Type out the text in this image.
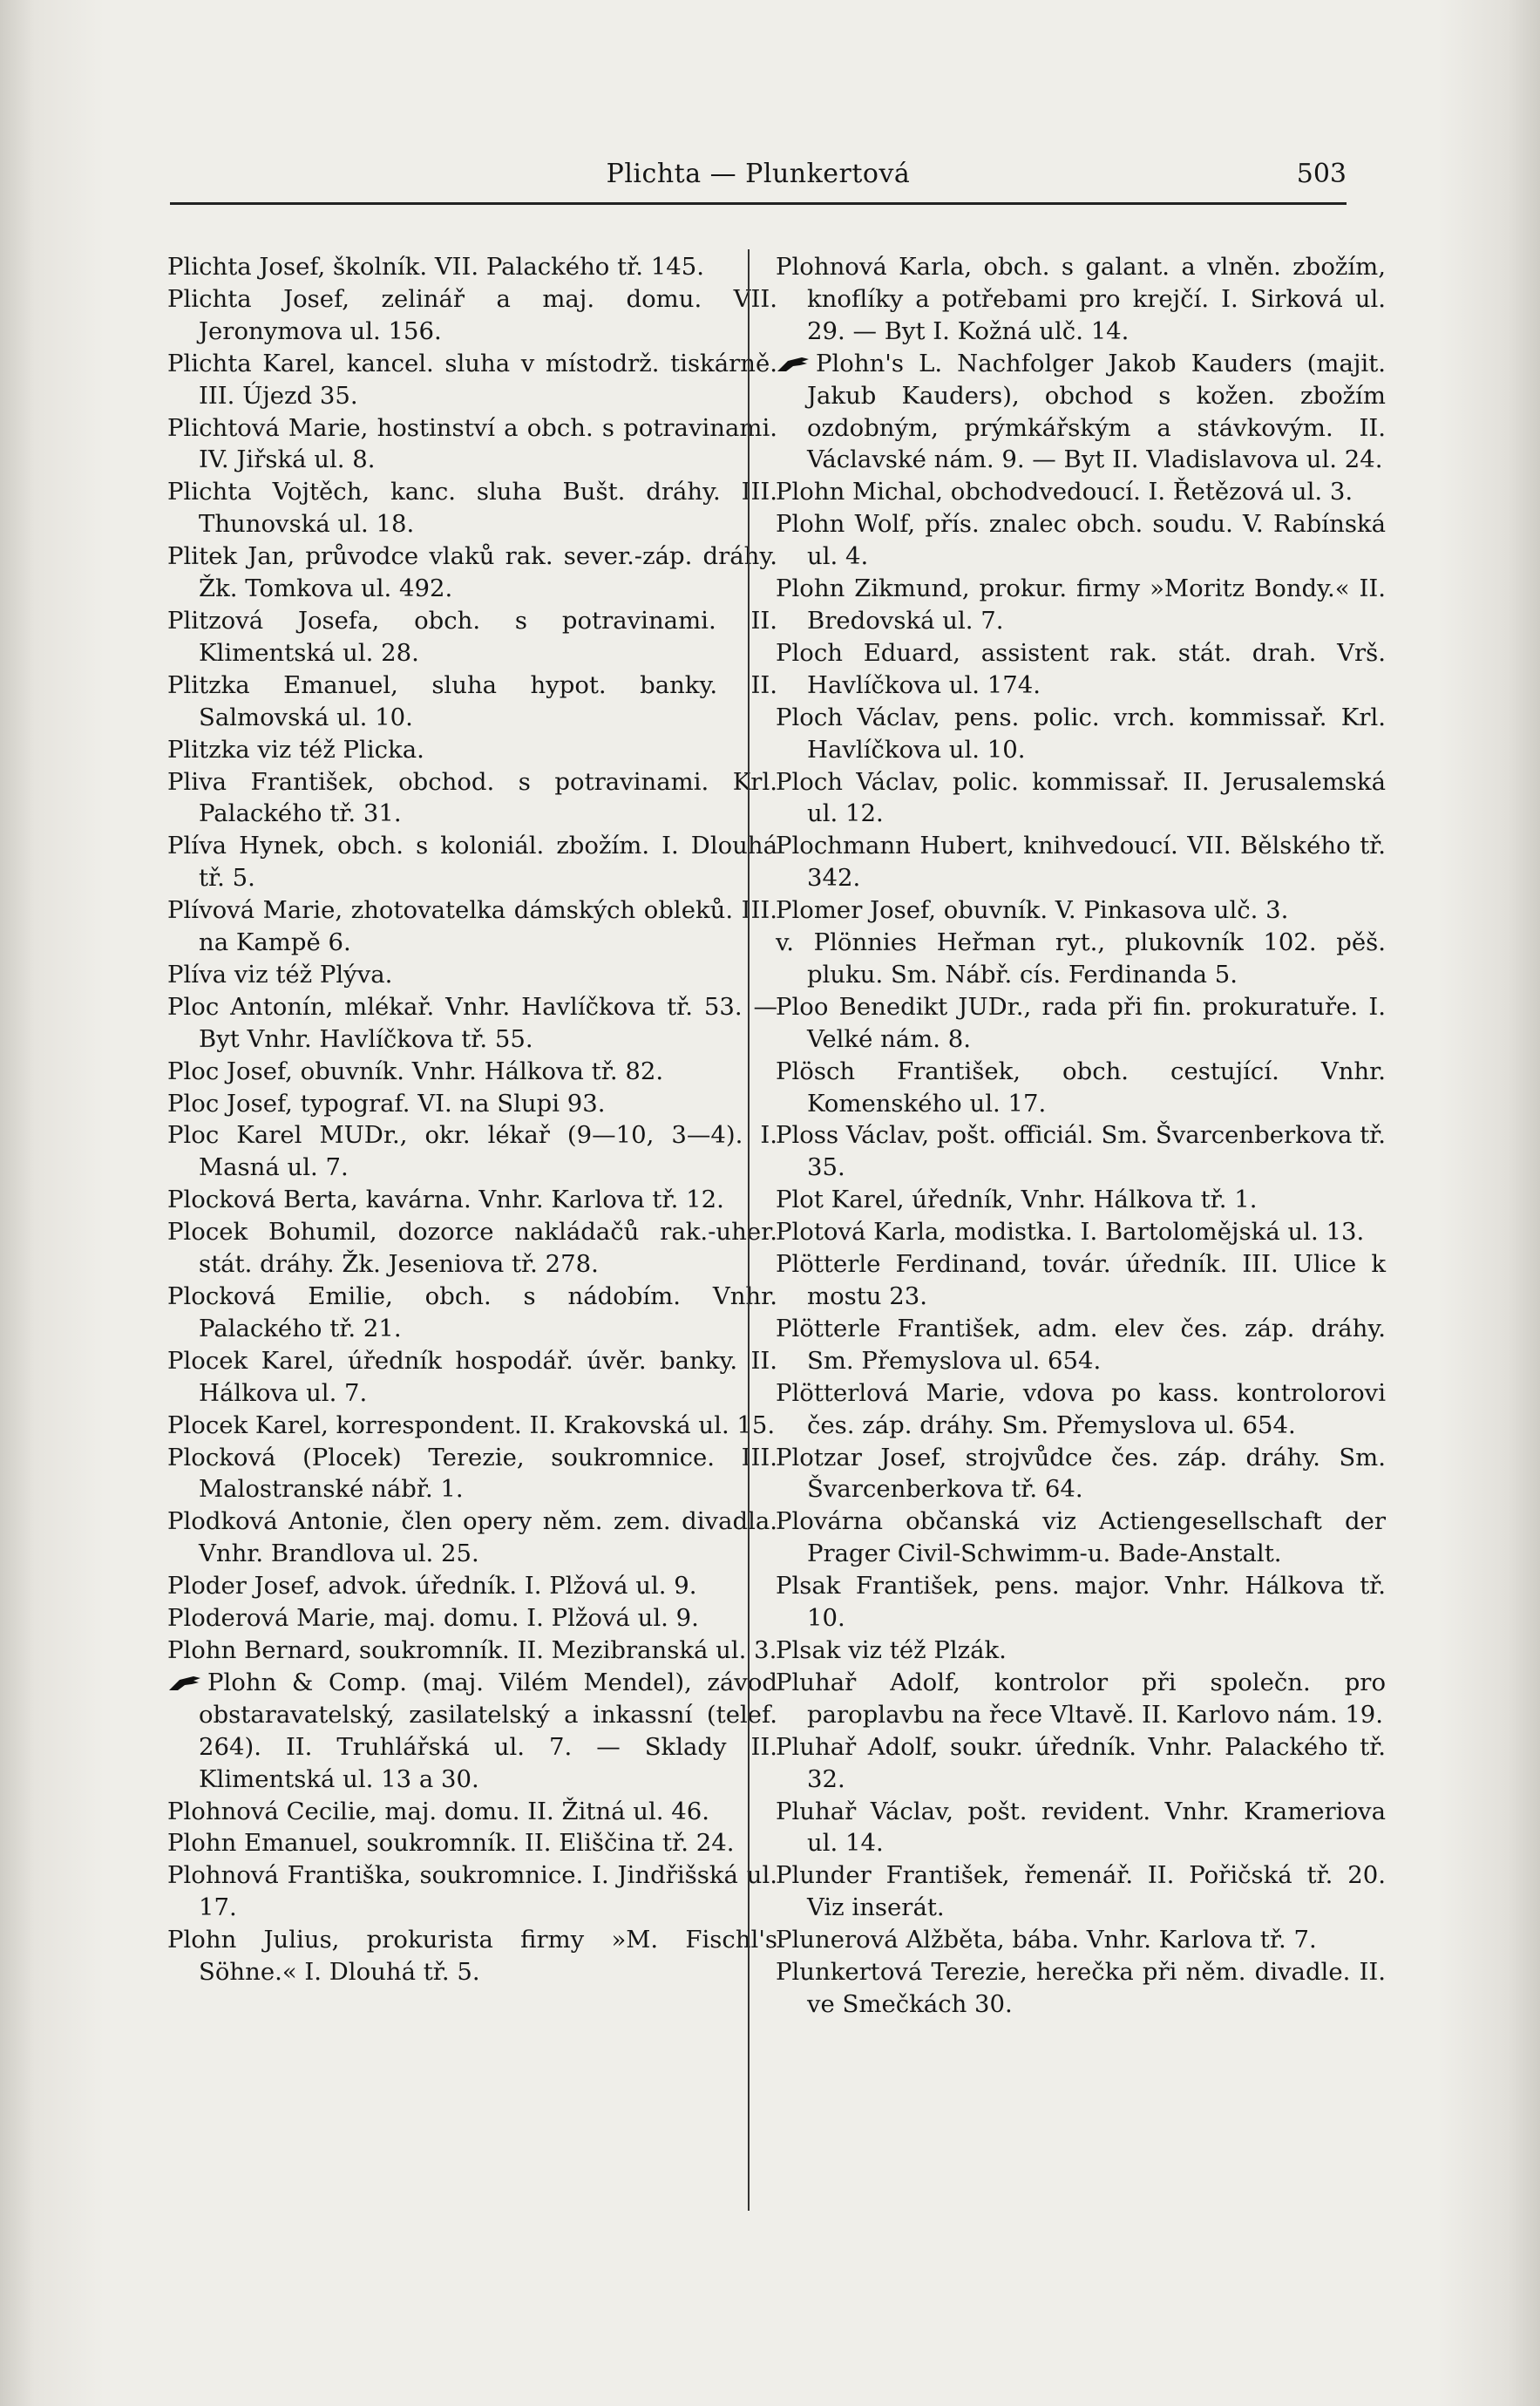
Plichta — Plunkertová	503

Plichta Josef, školník. VII. Palackého tř. 145.

Plichta Josef, zelinář a maj. domu. VII. Jeronymova ul. 156.

Plichta Karel, kancel. sluha v místodrž. tiskárně. III. Újezd 35.

Plichtová Marie, hostinství a obch. s potravinami. IV. Jiřská ul. 8.

Plichta Vojtěch, kanc. sluha Bušt. dráhy. III. Thunovská ul. 18.

Plitek Jan, průvodce vlaků rak. sever.-záp. dráhy. Žk. Tomkova ul. 492.

Plitzová Josefa, obch. s potravinami. II. Klimentská ul. 28.

Plitzka Emanuel, sluha hypot. banky. II. Salmovská ul. 10.

Plitzka viz též Plicka.

Pliva František, obchod. s potravinami. Krl. Palackého tř. 31.

Plíva Hynek, obch. s koloniál. zbožím. I. Dlouhá tř. 5.

Plívová Marie, zhotovatelka dámských obleků. III. na Kampě 6.

Plíva viz též Plýva.

Ploc Antonín, mlékař. Vnhr. Havlíčkova tř. 53. — Byt Vnhr. Havlíčkova tř. 55.

Ploc Josef, obuvník. Vnhr. Hálkova tř. 82.

Ploc Josef, typograf. VI. na Slupi 93.

Ploc Karel MUDr., okr. lékař (9—10, 3—4). I. Masná ul. 7.

Plocková Berta, kavárna. Vnhr. Karlova tř. 12.

Plocek Bohumil, dozorce nakládačů rak.-uher. stát. dráhy. Žk. Jeseniova tř. 278.

Plocková Emilie, obch. s nádobím. Vnhr. Palackého tř. 21.

Plocek Karel, úředník hospodář. úvěr. banky. II. Hálkova ul. 7.

Plocek Karel, korrespondent. II. Krakovská ul. 15.

Plocková (Plocek) Terezie, soukromnice. III. Malostranské nábř. 1.

Plodková Antonie, člen opery něm. zem. divadla. Vnhr. Brandlova ul. 25.

Ploder Josef, advok. úředník. I. Plžová ul. 9.

Ploderová Marie, maj. domu. I. Plžová ul. 9.

Plohn Bernard, soukromník. II. Mezibranská ul. 3.

Plohn & Comp. (maj. Vilém Mendel), závod obstaravatelský, zasilatelský a inkassní (telef. 264). II. Truhlářská ul. 7. — Sklady II. Klimentská ul. 13 a 30.

Plohnová Cecilie, maj. domu. II. Žitná ul. 46.

Plohn Emanuel, soukromník. II. Eliščina tř. 24.

Plohnová Františka, soukromnice. I. Jindřišská ul. 17.

Plohn Julius, prokurista firmy »M. Fischl's Söhne.« I. Dlouhá tř. 5.

Plohnová Karla, obch. s galant. a vlněn. zbožím, knoflíky a potřebami pro krejčí. I. Sirková ul. 29. — Byt I. Kožná ulč. 14.

Plohn's L. Nachfolger Jakob Kauders (majit. Jakub Kauders), obchod s kožen. zbožím ozdobným, prýmkářským a stávkovým. II. Václavské nám. 9. — Byt II. Vladislavova ul. 24.

Plohn Michal, obchodvedoucí. I. Řetězová ul. 3.

Plohn Wolf, přís. znalec obch. soudu. V. Rabínská ul. 4.

Plohn Zikmund, prokur. firmy »Moritz Bondy.« II. Bredovská ul. 7.

Ploch Eduard, assistent rak. stát. drah. Vrš. Havlíčkova ul. 174.

Ploch Václav, pens. polic. vrch. kommissař. Krl. Havlíčkova ul. 10.

Ploch Václav, polic. kommissař. II. Jerusalemská ul. 12.

Plochmann Hubert, knihvedoucí. VII. Bělského tř. 342.

Plomer Josef, obuvník. V. Pinkasova ulč. 3.

v. Plönnies Heřman ryt., plukovník 102. pěš. pluku. Sm. Nábř. cís. Ferdinanda 5.

Ploo Benedikt JUDr., rada při fin. prokuratuře. I. Velké nám. 8.

Plösch František, obch. cestující. Vnhr. Komenského ul. 17.

Ploss Václav, pošt. officiál. Sm. Švarcenberkova tř. 35.

Plot Karel, úředník, Vnhr. Hálkova tř. 1.

Plotová Karla, modistka. I. Bartolomějská ul. 13.

Plötterle Ferdinand, továr. úředník. III. Ulice k mostu 23.

Plötterle František, adm. elev čes. záp. dráhy. Sm. Přemyslova ul. 654.

Plötterlová Marie, vdova po kass. kontrolorovi čes. záp. dráhy. Sm. Přemyslova ul. 654.

Plotzar Josef, strojvůdce čes. záp. dráhy. Sm. Švarcenberkova tř. 64.

Plovárna občanská viz Actiengesellschaft der Prager Civil-Schwimm-u. Bade-Anstalt.

Plsak František, pens. major. Vnhr. Hálkova tř. 10.

Plsak viz též Plzák.

Pluhař Adolf, kontrolor při společn. pro paroplavbu na řece Vltavě. II. Karlovo nám. 19.

Pluhař Adolf, soukr. úředník. Vnhr. Palackého tř. 32.

Pluhař Václav, pošt. revident. Vnhr. Krameriova ul. 14.

Plunder František, řemenář. II. Pořičská tř. 20. Viz inserát.

Plunerová Alžběta, bába. Vnhr. Karlova tř. 7.

Plunkertová Terezie, herečka při něm. divadle. II. ve Smečkách 30.
